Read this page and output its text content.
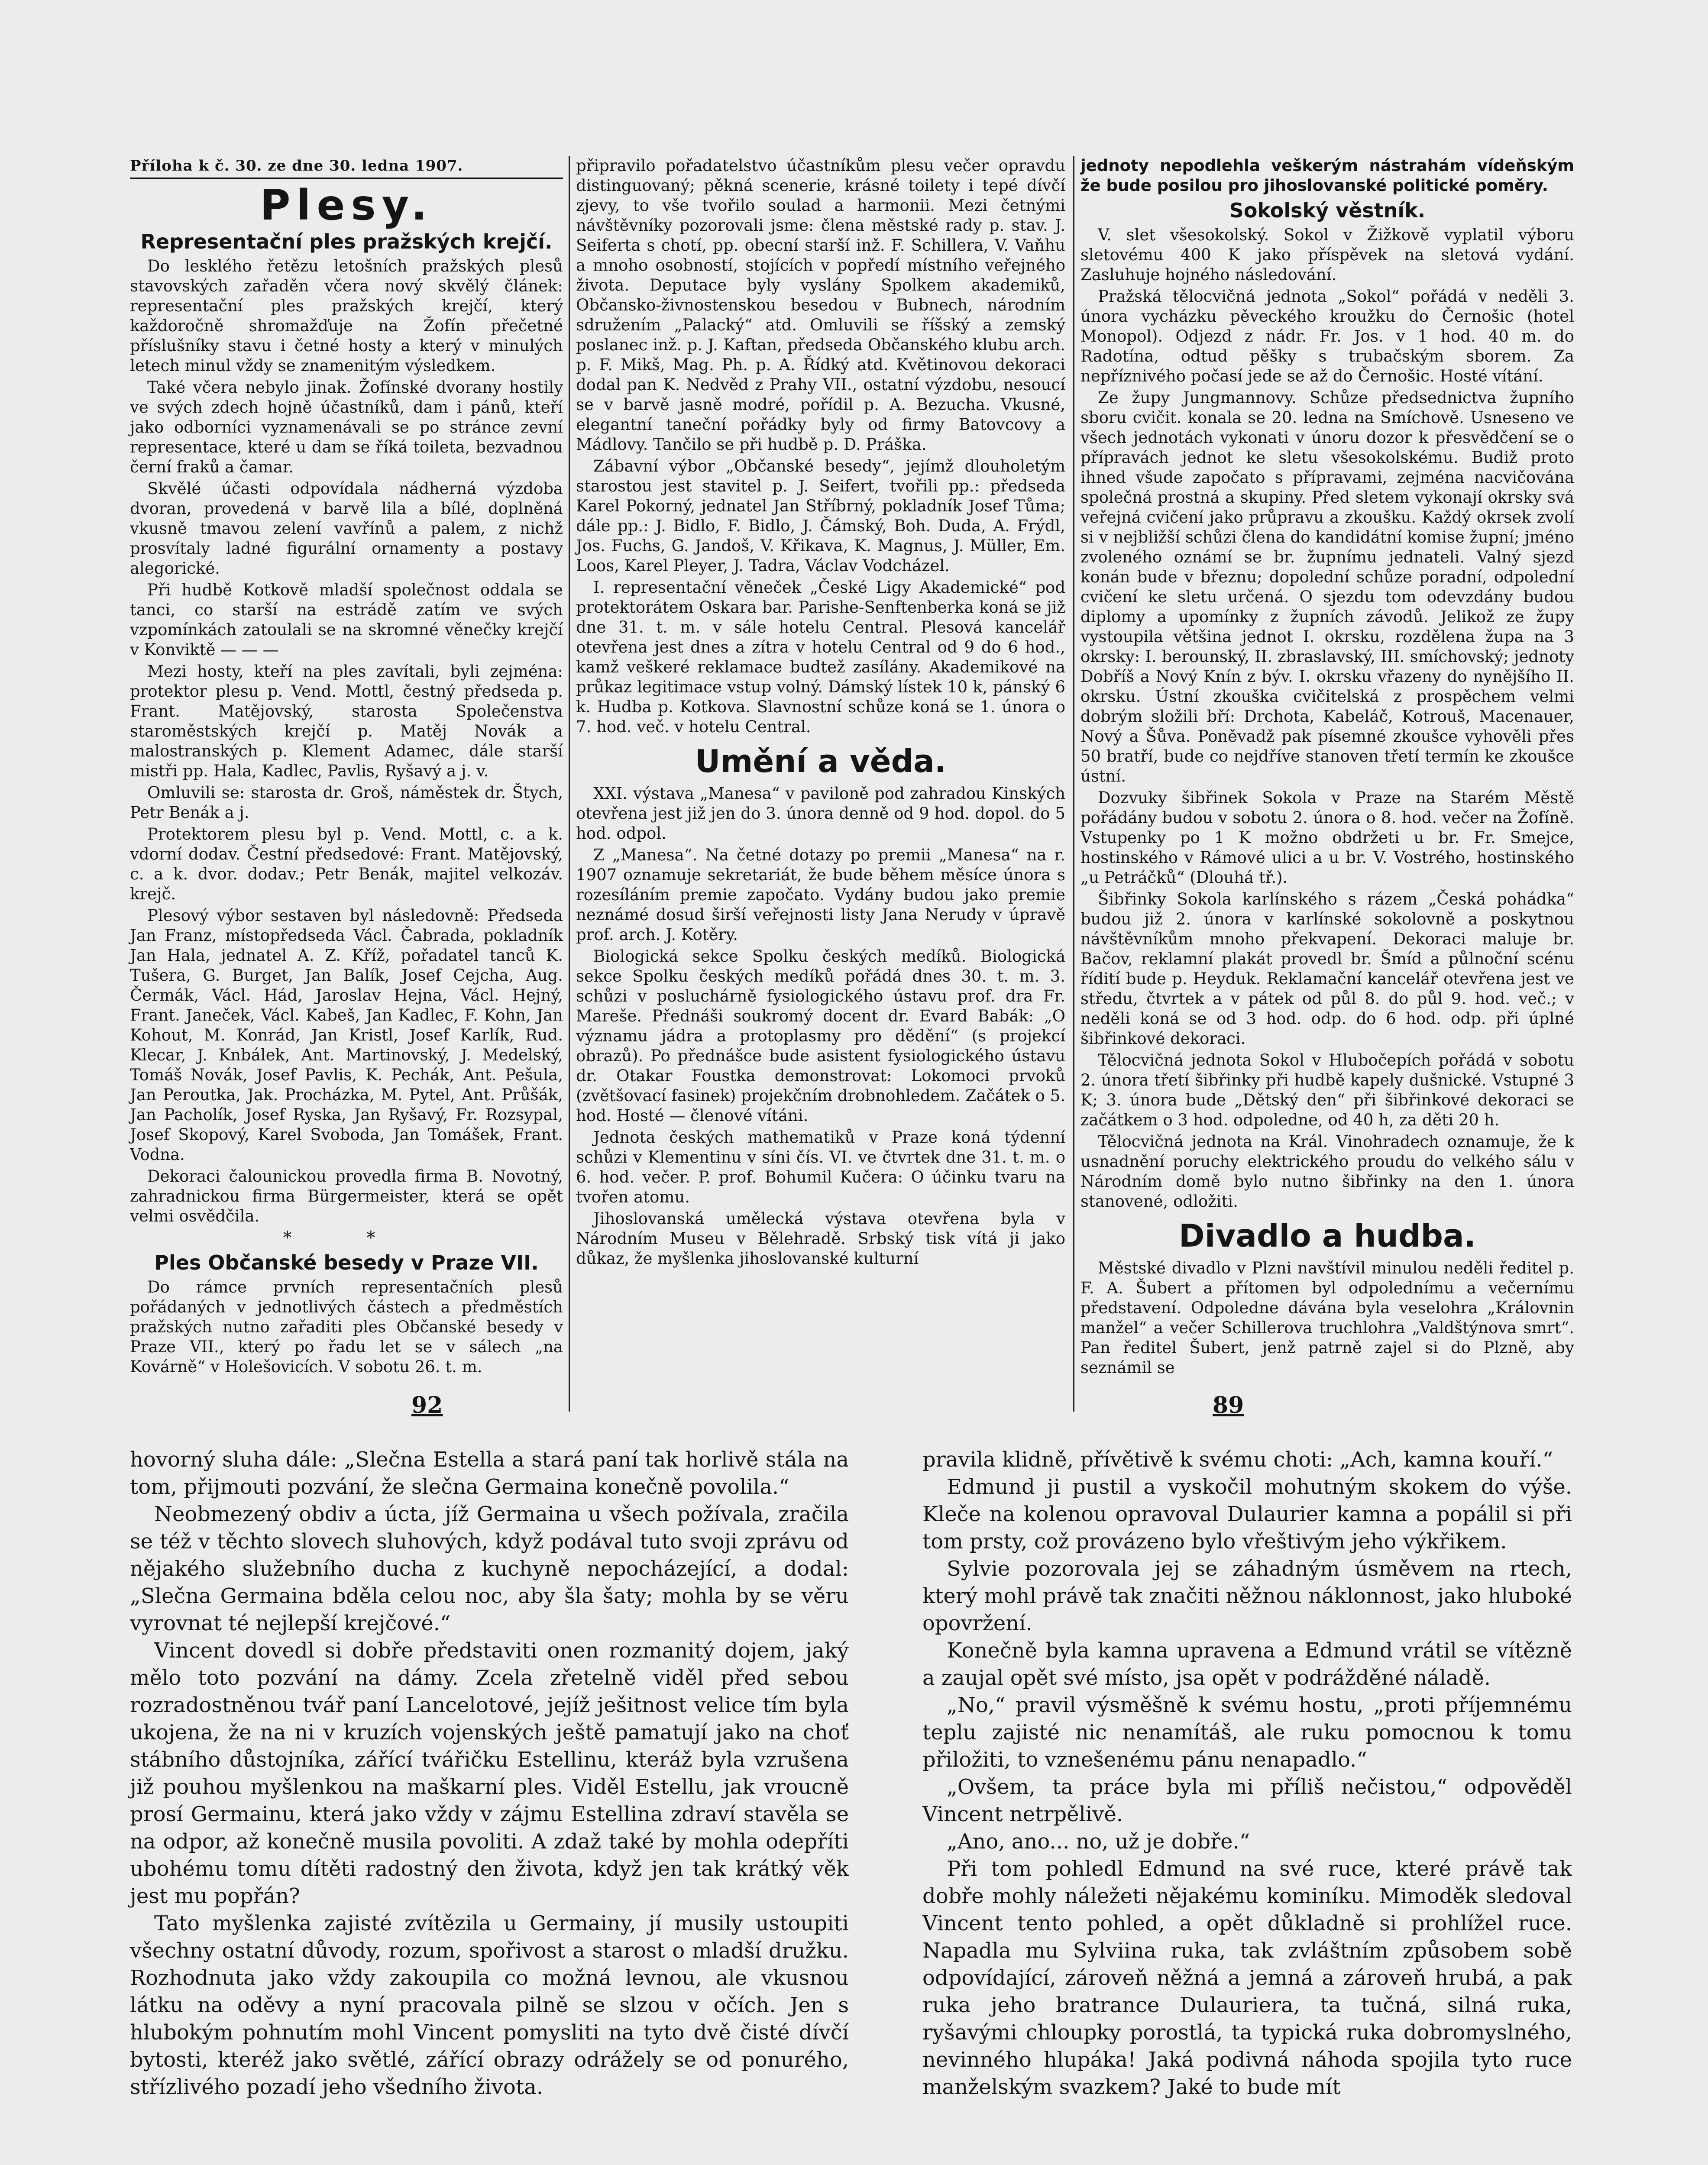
Příloha k č. 30. ze dne 30. ledna 1907.
Plesy.
Representační ples pražských krejčí.

Do lesklého řetězu letošních pražských plesů stavovských zařaděn včera nový skvělý článek: representační ples pražských krejčí, který každoročně shromažďuje na Žofín přečetné příslušníky stavu i četné hosty a který v minulých letech minul vždy se znamenitým výsledkem.

Také včera nebylo jinak. Žofínské dvorany hostily ve svých zdech hojně účastníků, dam i pánů, kteří jako odborníci vyznamenávali se po stránce zevní representace, které u dam se říká toileta, bezvadnou černí fraků a čamar.

Skvělé účasti odpovídala nádherná výzdoba dvoran, provedená v barvě lila a bílé, doplněná vkusně tmavou zelení vavřínů a palem, z nichž prosvítaly ladné figurální ornamenty a postavy alegorické.

Při hudbě Kotkově mladší společnost oddala se tanci, co starší na estrádě zatím ve svých vzpomínkách zatoulali se na skromné věnečky krejčí v Konviktě — — —

Mezi hosty, kteří na ples zavítali, byli zejména: protektor plesu p. Vend. Mottl, čestný předseda p. Frant. Matějovský, starosta Společenstva staroměstských krejčí p. Matěj Novák a malostranských p. Klement Adamec, dále starší mistři pp. Hala, Kadlec, Pavlis, Ryšavý a j. v.

Omluvili se: starosta dr. Groš, náměstek dr. Štych, Petr Benák a j.

Protektorem plesu byl p. Vend. Mottl, c. a k. vdorní dodav. Čestní předsedové: Frant. Matějovský, c. a k. dvor. dodav.; Petr Benák, majitel velkozáv. krejč.

Plesový výbor sestaven byl následovně: Předseda Jan Franz, místopředseda Václ. Čabrada, pokladník Jan Hala, jednatel A. Z. Kříž, pořadatel tanců K. Tušera, G. Burget, Jan Balík, Josef Cejcha, Aug. Čermák, Václ. Hád, Jaroslav Hejna, Václ. Hejný, Frant. Janeček, Václ. Kabeš, Jan Kadlec, F. Kohn, Jan Kohout, M. Konrád, Jan Kristl, Josef Karlík, Rud. Klecar, J. Knbálek, Ant. Martinovský, J. Medelský, Tomáš Novák, Josef Pavlis, K. Pechák, Ant. Pešula, Jan Peroutka, Jak. Procházka, M. Pytel, Ant. Průšák, Jan Pacholík, Josef Ryska, Jan Ryšavý, Fr. Rozsypal, Josef Skopový, Karel Svoboda, Jan Tomášek, Frant. Vodna.

Dekoraci čalounickou provedla firma B. Novotný, zahradnickou firma Bürgermeister, která se opět velmi osvědčila.

* *
Ples Občanské besedy v Praze VII.

Do rámce prvních representačních plesů pořádaných v jednotlivých částech a předměstích pražských nutno zařaditi ples Občanské besedy v Praze VII., který po řadu let se v sálech „na Kovárně“ v Holešovicích. V sobotu 26. t. m.

připravilo pořadatelstvo účastníkům plesu večer opravdu distinguovaný; pěkná scenerie, krásné toilety i tepé dívčí zjevy, to vše tvořilo soulad a harmonii. Mezi četnými návštěvníky pozorovali jsme: člena městské rady p. stav. J. Seiferta s chotí, pp. obecní starší inž. F. Schillera, V. Vaňhu a mnoho osobností, stojících v popředí místního veřejného života. Deputace byly vyslány Spolkem akademiků, Občansko-živnostenskou besedou v Bubnech, národním sdružením „Palacký“ atd. Omluvili se říšský a zemský poslanec inž. p. J. Kaftan, předseda Občanského klubu arch. p. F. Mikš, Mag. Ph. p. A. Řídký atd. Květinovou dekoraci dodal pan K. Nedvěd z Prahy VII., ostatní výzdobu, nesoucí se v barvě jasně modré, pořídil p. A. Bezucha. Vkusné, elegantní taneční pořádky byly od firmy Batovcovy a Mádlovy. Tančilo se při hudbě p. D. Práška.

Zábavní výbor „Občanské besedy“, jejímž dlouholetým starostou jest stavitel p. J. Seifert, tvořili pp.: předseda Karel Pokorný, jednatel Jan Stříbrný, pokladník Josef Tůma; dále pp.: J. Bidlo, F. Bidlo, J. Čámský, Boh. Duda, A. Frýdl, Jos. Fuchs, G. Jandoš, V. Křikava, K. Magnus, J. Müller, Em. Loos, Karel Pleyer, J. Tadra, Václav Vodcházel.

I. representační věneček „České Ligy Akademické“ pod protektorátem Oskara bar. Parishe-Senftenberka koná se již dne 31. t. m. v sále hotelu Central. Plesová kancelář otevřena jest dnes a zítra v hotelu Central od 9 do 6 hod., kamž veškeré reklamace budtež zasílány. Akademikové na průkaz legitimace vstup volný. Dámský lístek 10 k, pánský 6 k. Hudba p. Kotkova. Slavnostní schůze koná se 1. února o 7. hod. več. v hotelu Central.

Umění a věda.

XXI. výstava „Manesa“ v paviloně pod zahradou Kinských otevřena jest již jen do 3. února denně od 9 hod. dopol. do 5 hod. odpol.

Z „Manesa“. Na četné dotazy po premii „Manesa“ na r. 1907 oznamuje sekretariát, že bude během měsíce února s rozesíláním premie započato. Vydány budou jako premie neznámé dosud širší veřejnosti listy Jana Nerudy v úpravě prof. arch. J. Kotěry.

Biologická sekce Spolku českých medíků. Biologická sekce Spolku českých medíků pořádá dnes 30. t. m. 3. schůzi v posluchárně fysiologického ústavu prof. dra Fr. Mareše. Přednáši soukromý docent dr. Evard Babák: „O významu jádra a protoplasmy pro dědění“ (s projekcí obrazů). Po přednášce bude asistent fysiologického ústavu dr. Otakar Foustka demonstrovat: Lokomoci prvoků (zvětšovací fasinek) projekčním drobnohledem. Začátek o 5. hod. Hosté — členové vítáni.

Jednota českých mathematiků v Praze koná týdenní schůzi v Klementinu v síni čís. VI. ve čtvrtek dne 31. t. m. o 6. hod. večer. P. prof. Bohumil Kučera: O účinku tvaru na tvořen atomu.

Jihoslovanská umělecká výstava otevřena byla v Národním Museu v Bělehradě. Srbský tisk vítá ji jako důkaz, že myšlenka jihoslovanské kulturní

jednoty nepodlehla veškerým nástrahám vídeňským že bude posilou pro jihoslovanské politické poměry.

Sokolský věstník.

V. slet všesokolský. Sokol v Žižkově vyplatil výboru sletovému 400 K jako příspěvek na sletová vydání. Zasluhuje hojného následování.

Pražská tělocvičná jednota „Sokol“ pořádá v neděli 3. února vycházku pěveckého kroužku do Černošic (hotel Monopol). Odjezd z nádr. Fr. Jos. v 1 hod. 40 m. do Radotína, odtud pěšky s trubačským sborem. Za nepříznivého počasí jede se až do Černošic. Hosté vítání.

Ze župy Jungmannovy. Schůze předsednictva župního sboru cvičit. konala se 20. ledna na Smíchově. Usneseno ve všech jednotách vykonati v únoru dozor k přesvědčení se o přípravách jednot ke sletu všesokolskému. Budiž proto ihned všude započato s přípravami, zejména nacvičována společná prostná a skupiny. Před sletem vykonají okrsky svá veřejná cvičení jako průpravu a zkoušku. Každý okrsek zvolí si v nejbližší schůzi člena do kandidátní komise župní; jméno zvoleného oznámí se br. župnímu jednateli. Valný sjezd konán bude v březnu; dopolední schůze poradní, odpolední cvičení ke sletu určená. O sjezdu tom odevzdány budou diplomy a upomínky z župních závodů. Jelikož ze župy vystoupila většina jednot I. okrsku, rozdělena župa na 3 okrsky: I. berounský, II. zbraslavský, III. smíchovský; jednoty Dobříš a Nový Knín z býv. I. okrsku vřazeny do nynějšího II. okrsku. Ústní zkouška cvičitelská z prospěchem velmi dobrým složili bří: Drchota, Kabeláč, Kotrouš, Macenauer, Nový a Šůva. Poněvadž pak písemné zkoušce vyhověli přes 50 bratří, bude co nejdříve stanoven třetí termín ke zkoušce ústní.

Dozvuky šibřinek Sokola v Praze na Starém Městě pořádány budou v sobotu 2. února o 8. hod. večer na Žofíně. Vstupenky po 1 K možno obdržeti u br. Fr. Smejce, hostinského v Rámové ulici a u br. V. Vostrého, hostinského „u Petráčků“ (Dlouhá tř.).

Šibřinky Sokola karlínského s rázem „Česká pohádka“ budou již 2. února v karlínské sokolovně a poskytnou návštěvníkům mnoho překvapení. Dekoraci maluje br. Bačov, reklamní plakát provedl br. Šmíd a půlnoční scénu řídití bude p. Heyduk. Reklamační kancelář otevřena jest ve středu, čtvrtek a v pátek od půl 8. do půl 9. hod. več.; v neděli koná se od 3 hod. odp. do 6 hod. odp. při úplné šibřinkové dekoraci.

Tělocvičná jednota Sokol v Hlubočepích pořádá v sobotu 2. února třetí šibřinky při hudbě kapely dušnické. Vstupné 3 K; 3. února bude „Dětský den“ při šibřinkové dekoraci se začátkem o 3 hod. odpoledne, od 40 h, za děti 20 h.

Tělocvičná jednota na Král. Vinohradech oznamuje, že k usnadnění poruchy elektrického proudu do velkého sálu v Národním domě bylo nutno šibřinky na den 1. února stanovené, odložiti.

Divadlo a hudba.

Městské divadlo v Plzni navštívil minulou neděli ředitel p. F. A. Šubert a přítomen byl odpolednímu a večernímu představení. Odpoledne dávána byla veselohra „Královnin manžel“ a večer Schillerova truchlohra „Valdštýnova smrt“. Pan ředitel Šubert, jenž patrně zajel si do Plzně, aby seznámil se

92	89

hovorný sluha dále: „Slečna Estella a stará paní tak horlivě stála na tom, přijmouti pozvání, že slečna Germaina konečně povolila.“

Neobmezený obdiv a úcta, jíž Germaina u všech požívala, zračila se též v těchto slovech sluhových, když podával tuto svoji zprávu od nějakého služebního ducha z kuchyně nepocházející, a dodal: „Slečna Germaina bděla celou noc, aby šla šaty; mohla by se věru vyrovnat té nejlepší krejčové.“

Vincent dovedl si dobře představiti onen rozmanitý dojem, jaký mělo toto pozvání na dámy. Zcela zřetelně viděl před sebou rozradostněnou tvář paní Lancelotové, jejíž ješitnost velice tím byla ukojena, že na ni v kruzích vojenských ještě pamatují jako na choť stábního důstojníka, zářící tvářičku Estellinu, kteráž byla vzrušena již pouhou myšlenkou na maškarní ples. Viděl Estellu, jak vroucně prosí Germainu, která jako vždy v zájmu Estellina zdraví stavěla se na odpor, až konečně musila povoliti. A zdaž také by mohla odepříti ubohému tomu dítěti radostný den života, když jen tak krátký věk jest mu popřán?

Tato myšlenka zajisté zvítězila u Germainy, jí musily ustoupiti všechny ostatní důvody, rozum, spořivost a starost o mladší družku. Rozhodnuta jako vždy zakoupila co možná levnou, ale vkusnou látku na oděvy a nyní pracovala pilně se slzou v očích. Jen s hlubokým pohnutím mohl Vincent pomysliti na tyto dvě čisté dívčí bytosti, kteréž jako světlé, zářící obrazy odrážely se od ponurého, střízlivého pozadí jeho všedního života.

pravila klidně, přívětivě k svému choti: „Ach, kamna kouří.“

Edmund ji pustil a vyskočil mohutným skokem do výše. Kleče na kolenou opravoval Dulaurier kamna a popálil si při tom prsty, což provázeno bylo vřeštivým jeho výkřikem.

Sylvie pozorovala jej se záhadným úsměvem na rtech, který mohl právě tak značiti něžnou náklonnost, jako hluboké opovržení.

Konečně byla kamna upravena a Edmund vrátil se vítězně a zaujal opět své místo, jsa opět v podrážděné náladě.

„No,“ pravil výsměšně k svému hostu, „proti příjemnému teplu zajisté nic nenamítáš, ale ruku pomocnou k tomu přiložiti, to vznešenému pánu nenapadlo.“

„Ovšem, ta práce byla mi příliš nečistou,“ odpověděl Vincent netrpělivě.

„Ano, ano... no, už je dobře.“

Při tom pohledl Edmund na své ruce, které právě tak dobře mohly náležeti nějakému kominíku. Mimoděk sledoval Vincent tento pohled, a opět důkladně si prohlížel ruce. Napadla mu Sylviina ruka, tak zvláštním způsobem sobě odpovídající, zároveň něžná a jemná a zároveň hrubá, a pak ruka jeho bratrance Dulauriera, ta tučná, silná ruka, ryšavými chloupky porostlá, ta typická ruka dobromyslného, nevinného hlupáka! Jaká podivná náhoda spojila tyto ruce manželským svazkem? Jaké to bude mít
